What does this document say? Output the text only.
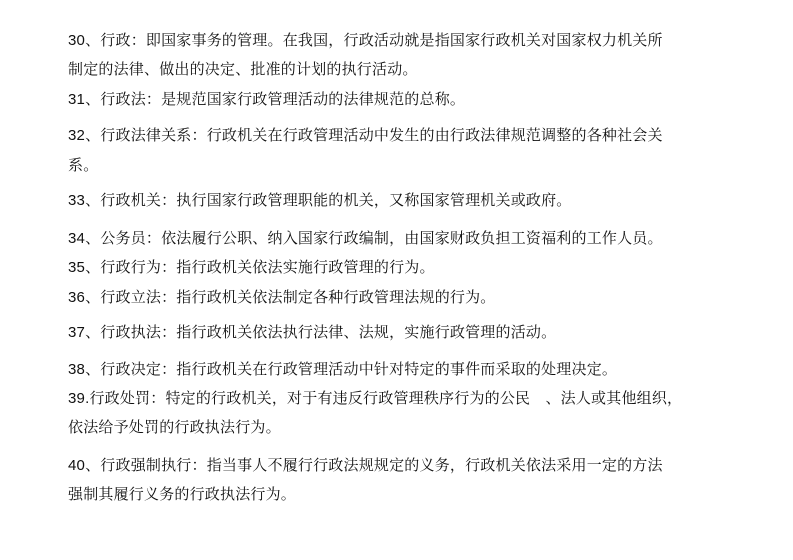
30、行政：即国家事务的管理。在我国，行政活动就是指国家行政机关对国家权力机关所
制定的法律、做出的决定、批准的计划的执行活动。
31、行政法：是规范国家行政管理活动的法律规范的总称。
32、行政法律关系：行政机关在行政管理活动中发生的由行政法律规范调整的各种社会关
系。
33、行政机关：执行国家行政管理职能的机关，又称国家管理机关或政府。
34、公务员：依法履行公职、纳入国家行政编制，由国家财政负担工资福利的工作人员。
35、行政行为：指行政机关依法实施行政管理的行为。
36、行政立法：指行政机关依法制定各种行政管理法规的行为。
37、行政执法：指行政机关依法执行法律、法规，实施行政管理的活动。
38、行政决定：指行政机关在行政管理活动中针对特定的事件而采取的处理决定。
39.行政处罚：特定的行政机关，对于有违反行政管理秩序行为的公民　、法人或其他组织，
依法给予处罚的行政执法行为。
40、行政强制执行：指当事人不履行行政法规规定的义务，行政机关依法采用一定的方法
强制其履行义务的行政执法行为。
